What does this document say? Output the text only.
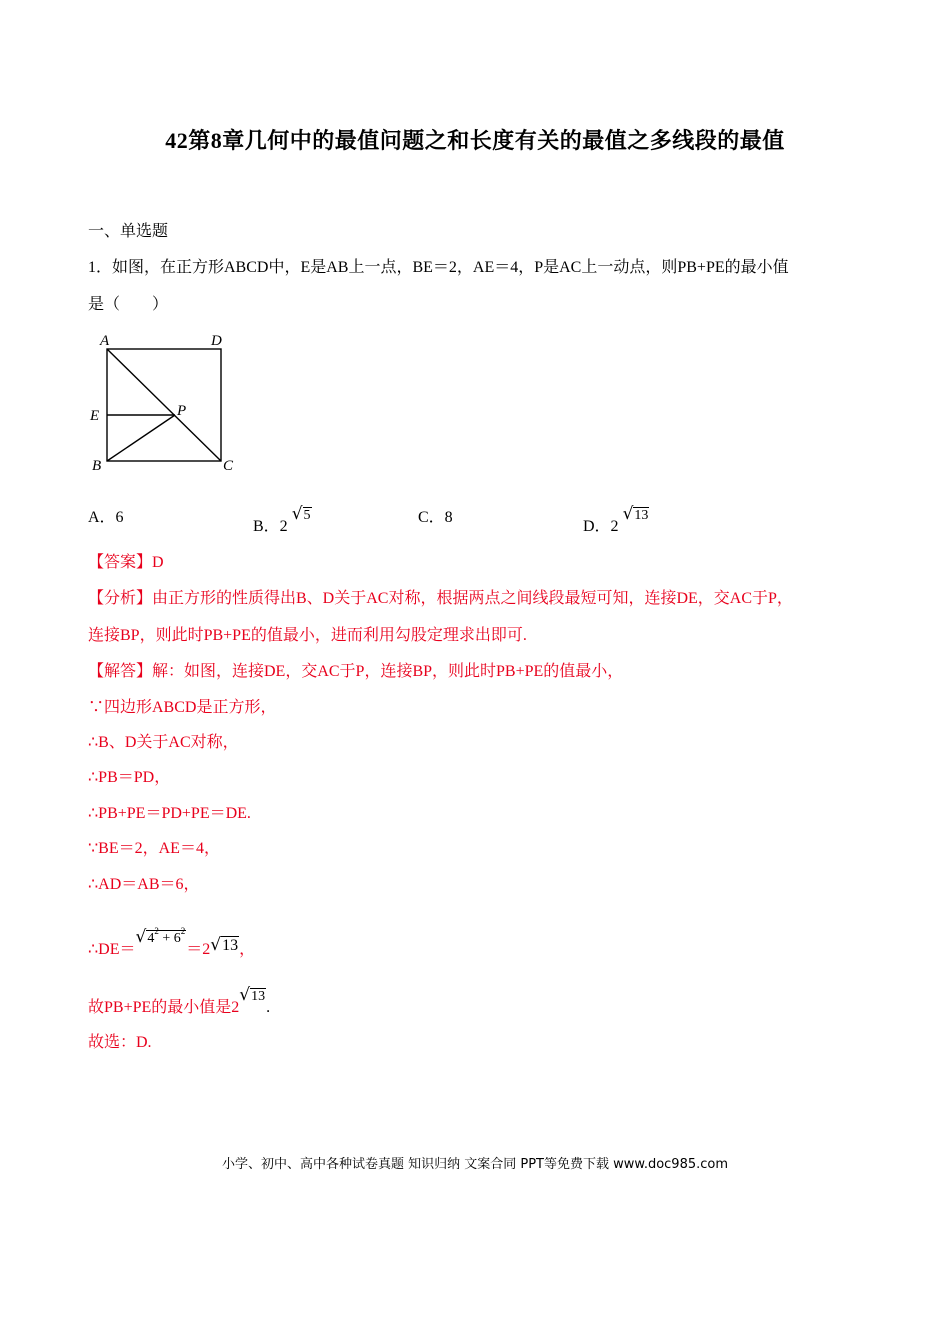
42第8章几何中的最值问题之和长度有关的最值之多线段的最值
一、单选题
1．如图，在正方形ABCD中，E是AB上一点，BE＝2，AE＝4，P是AC上一动点，则PB+PE的最小值
是（　　）
A	D
E	P
B	C
A．6
B．2 √5	C．8
D．2 √13
【答案】D
【分析】由正方形的性质得出B、D关于AC对称，根据两点之间线段最短可知，连接DE，交AC于P，
连接BP，则此时PB+PE的值最小，进而利用勾股定理求出即可.
【解答】解：如图，连接DE，交AC于P，连接BP，则此时PB+PE的值最小，
∵四边形ABCD是正方形，
∴B、D关于AC对称，
∴PB＝PD，
∴PB+PE＝PD+PE＝DE.
∵BE＝2，AE＝4，
∴AD＝AB＝6，
$\therefore DE=√4^2 + 6^2=2√13$，
故PB+PE的最小值是2√13.
故选：D.
小学、初中、高中各种试卷真题 知识归纳 文案合同 PPT等免费下载 www.doc985.com
